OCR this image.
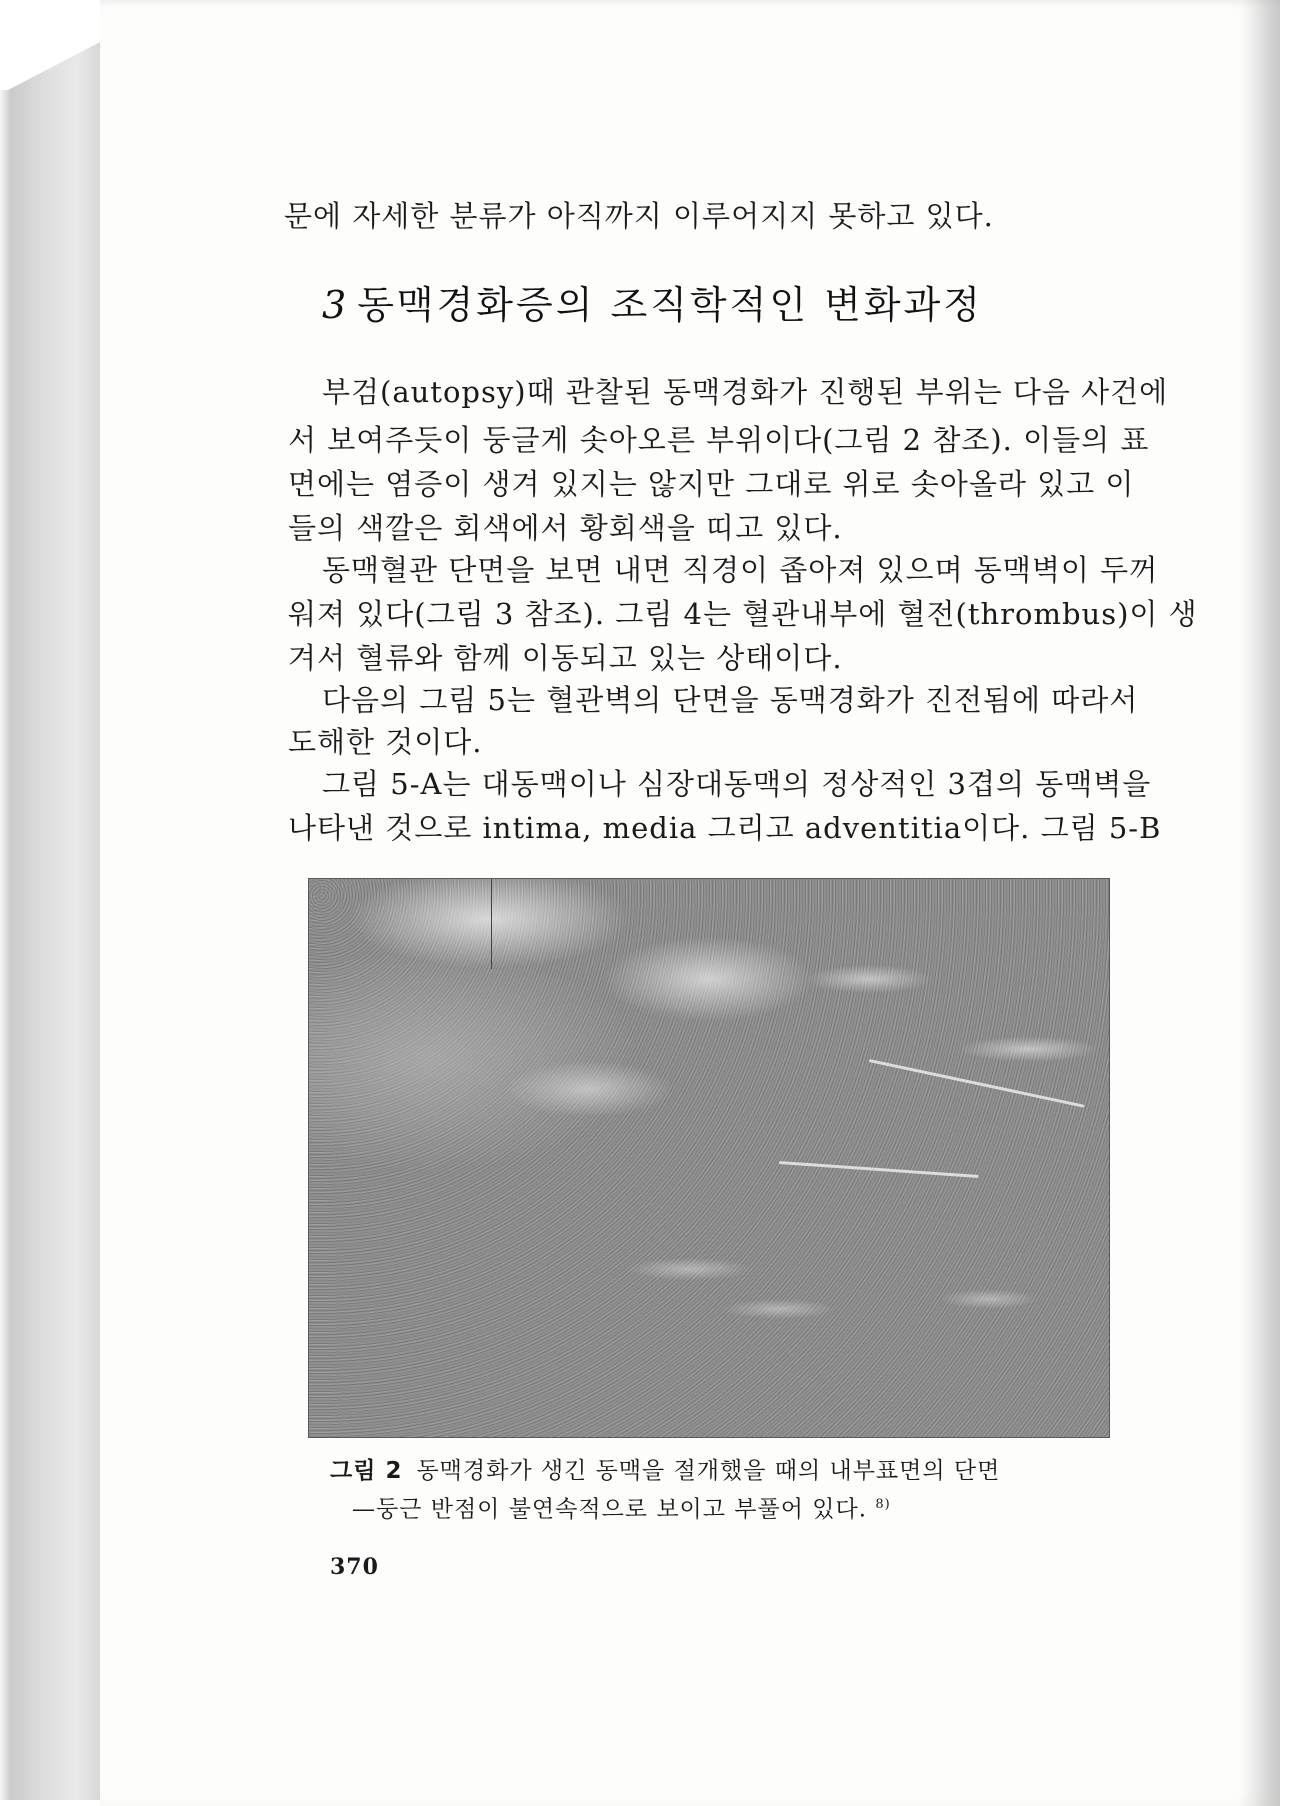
문에 자세한 분류가 아직까지 이루어지지 못하고 있다.
3 동맥경화증의 조직학적인 변화과정
부검(autopsy)때 관찰된 동맥경화가 진행된 부위는 다음 사건에
서 보여주듯이 둥글게 솟아오른 부위이다(그림 2 참조). 이들의 표
면에는 염증이 생겨 있지는 않지만 그대로 위로 솟아올라 있고 이
들의 색깔은 회색에서 황회색을 띠고 있다.
동맥혈관 단면을 보면 내면 직경이 좁아져 있으며 동맥벽이 두꺼
워져 있다(그림 3 참조). 그림 4는 혈관내부에 혈전(thrombus)이 생
겨서 혈류와 함께 이동되고 있는 상태이다.
다음의 그림 5는 혈관벽의 단면을 동맥경화가 진전됨에 따라서
도해한 것이다.
그림 5-A는 대동맥이나 심장대동맥의 정상적인 3겹의 동맥벽을
나타낸 것으로 intima, media 그리고 adventitia이다. 그림 5-B
그림 2 동맥경화가 생긴 동맥을 절개했을 때의 내부표면의 단면
—둥근 반점이 불연속적으로 보이고 부풀어 있다. $^{8)}$
370
